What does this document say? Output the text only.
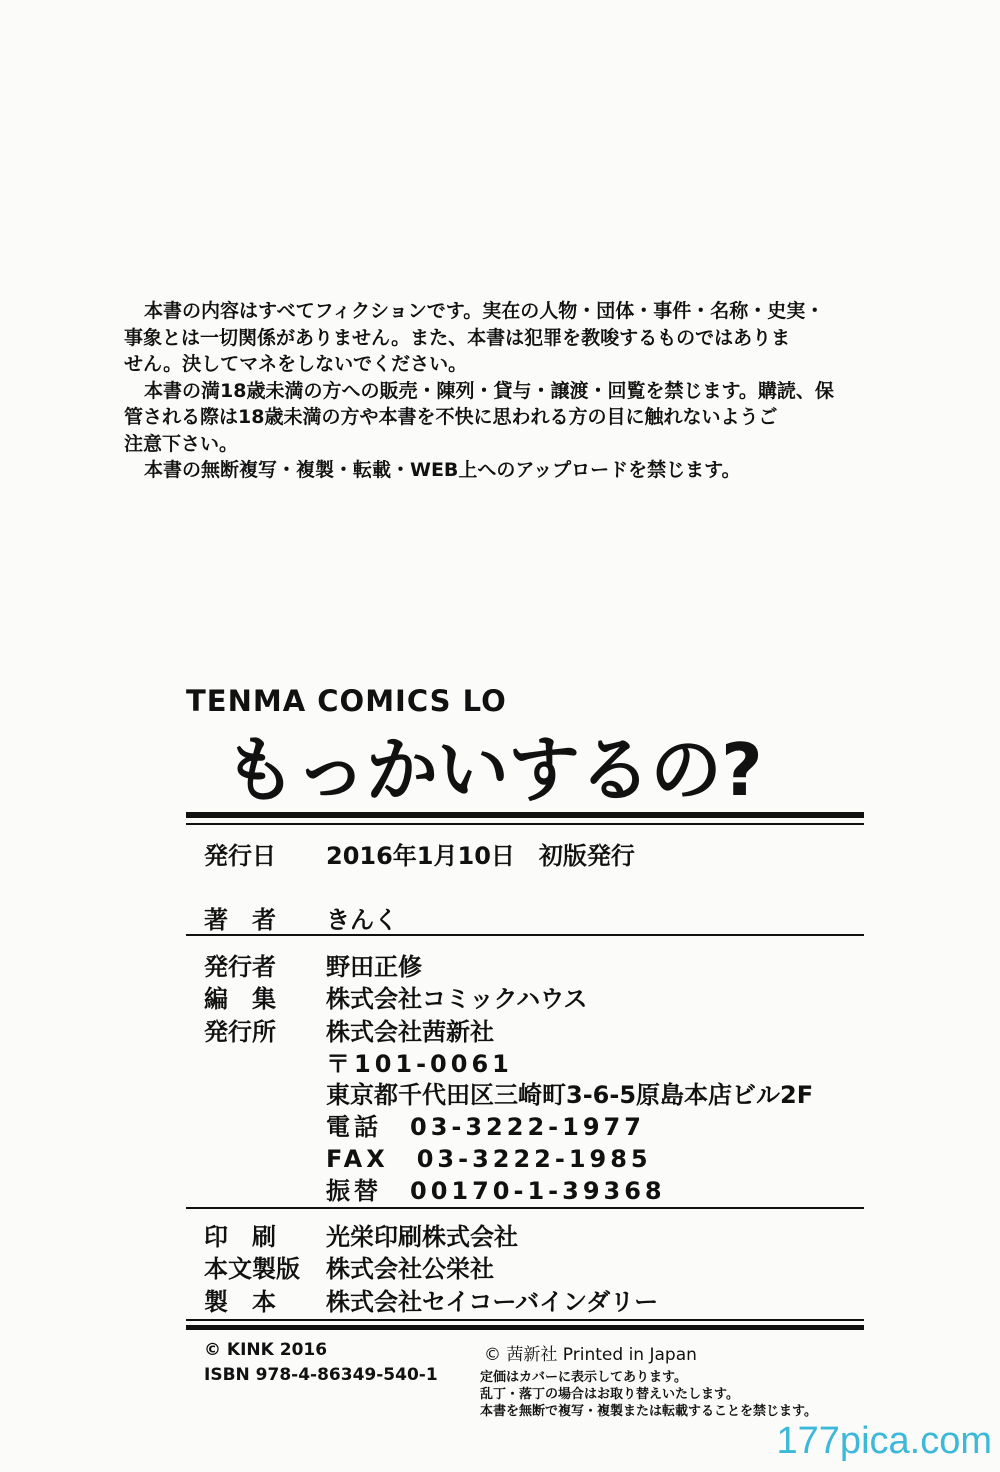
本書の内容はすべてフィクションです。実在の人物・団体・事件・名称・史実・
事象とは一切関係がありません。また、本書は犯罪を教唆するものではありま
せん。決してマネをしないでください。
本書の満18歳未満の方への販売・陳列・貸与・譲渡・回覧を禁じます。購読、保
管される際は18歳未満の方や本書を不快に思われる方の目に触れないようご
注意下さい。
本書の無断複写・複製・転載・WEB上へのアップロードを禁じます。
TENMA COMICS LO
もっかいするの?
発行日 2016年1月10日　初版発行
著　者 きんく
発行者 野田正修
編　集 株式会社コミックハウス
発行所 株式会社茜新社
〒101-0061
東京都千代田区三崎町3-6-5原島本店ビル2F
電話　03-3222-1977
FAX　03-3222-1985
振替　00170-1-39368
印　刷 光栄印刷株式会社
本文製版 株式会社公栄社
製　本 株式会社セイコーバインダリー
© KINK 2016
ISBN 978-4-86349-540-1
© 茜新社 Printed in Japan
定価はカバーに表示してあります。
乱丁・落丁の場合はお取り替えいたします。
本書を無断で複写・複製または転載することを禁じます。
177pica.com
